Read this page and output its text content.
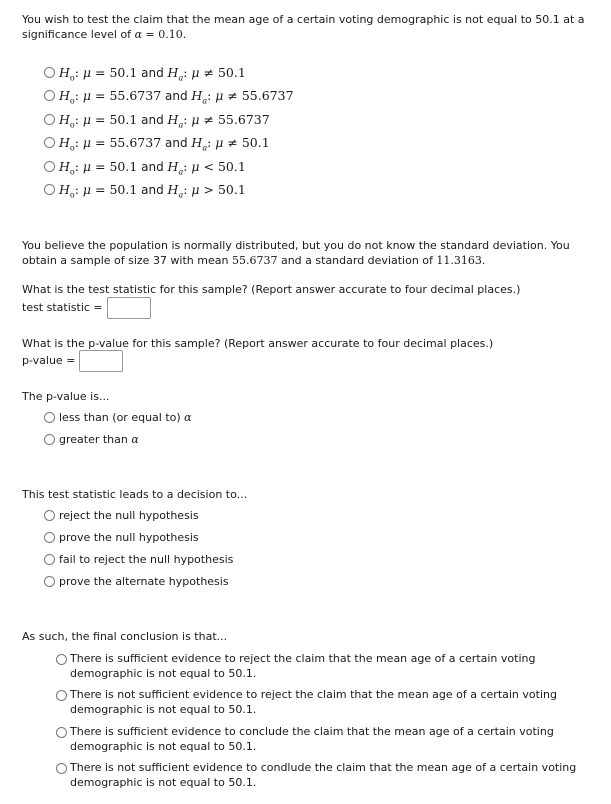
You wish to test the claim that the mean age of a certain voting demographic is not equal to 50.1 at a significance level of α = 0.10.
$H_o$: μ = 50.1 and $H_a$: μ ≠ 50.1
$H_o$: μ = 55.6737 and $H_a$: μ ≠ 55.6737
$H_o$: μ = 50.1 and $H_a$: μ ≠ 55.6737
$H_o$: μ = 55.6737 and $H_a$: μ ≠ 50.1
$H_o$: μ = 50.1 and $H_a$: μ < 50.1
$H_o$: μ = 50.1 and $H_a$: μ > 50.1
You believe the population is normally distributed, but you do not know the standard deviation. You obtain a sample of size 37 with mean 55.6737 and a standard deviation of 11.3163.
What is the test statistic for this sample? (Report answer accurate to four decimal places.)
test statistic =
What is the p-value for this sample? (Report answer accurate to four decimal places.)
p-value =
The p-value is...
less than (or equal to) α
greater than α
This test statistic leads to a decision to...
reject the null hypothesis
prove the null hypothesis
fail to reject the null hypothesis
prove the alternate hypothesis
As such, the final conclusion is that...
There is sufficient evidence to reject the claim that the mean age of a certain voting demographic is not equal to 50.1.
There is not sufficient evidence to reject the claim that the mean age of a certain voting demographic is not equal to 50.1.
There is sufficient evidence to conclude the claim that the mean age of a certain voting demographic is not equal to 50.1.
There is not sufficient evidence to condlude the claim that the mean age of a certain voting demographic is not equal to 50.1.
